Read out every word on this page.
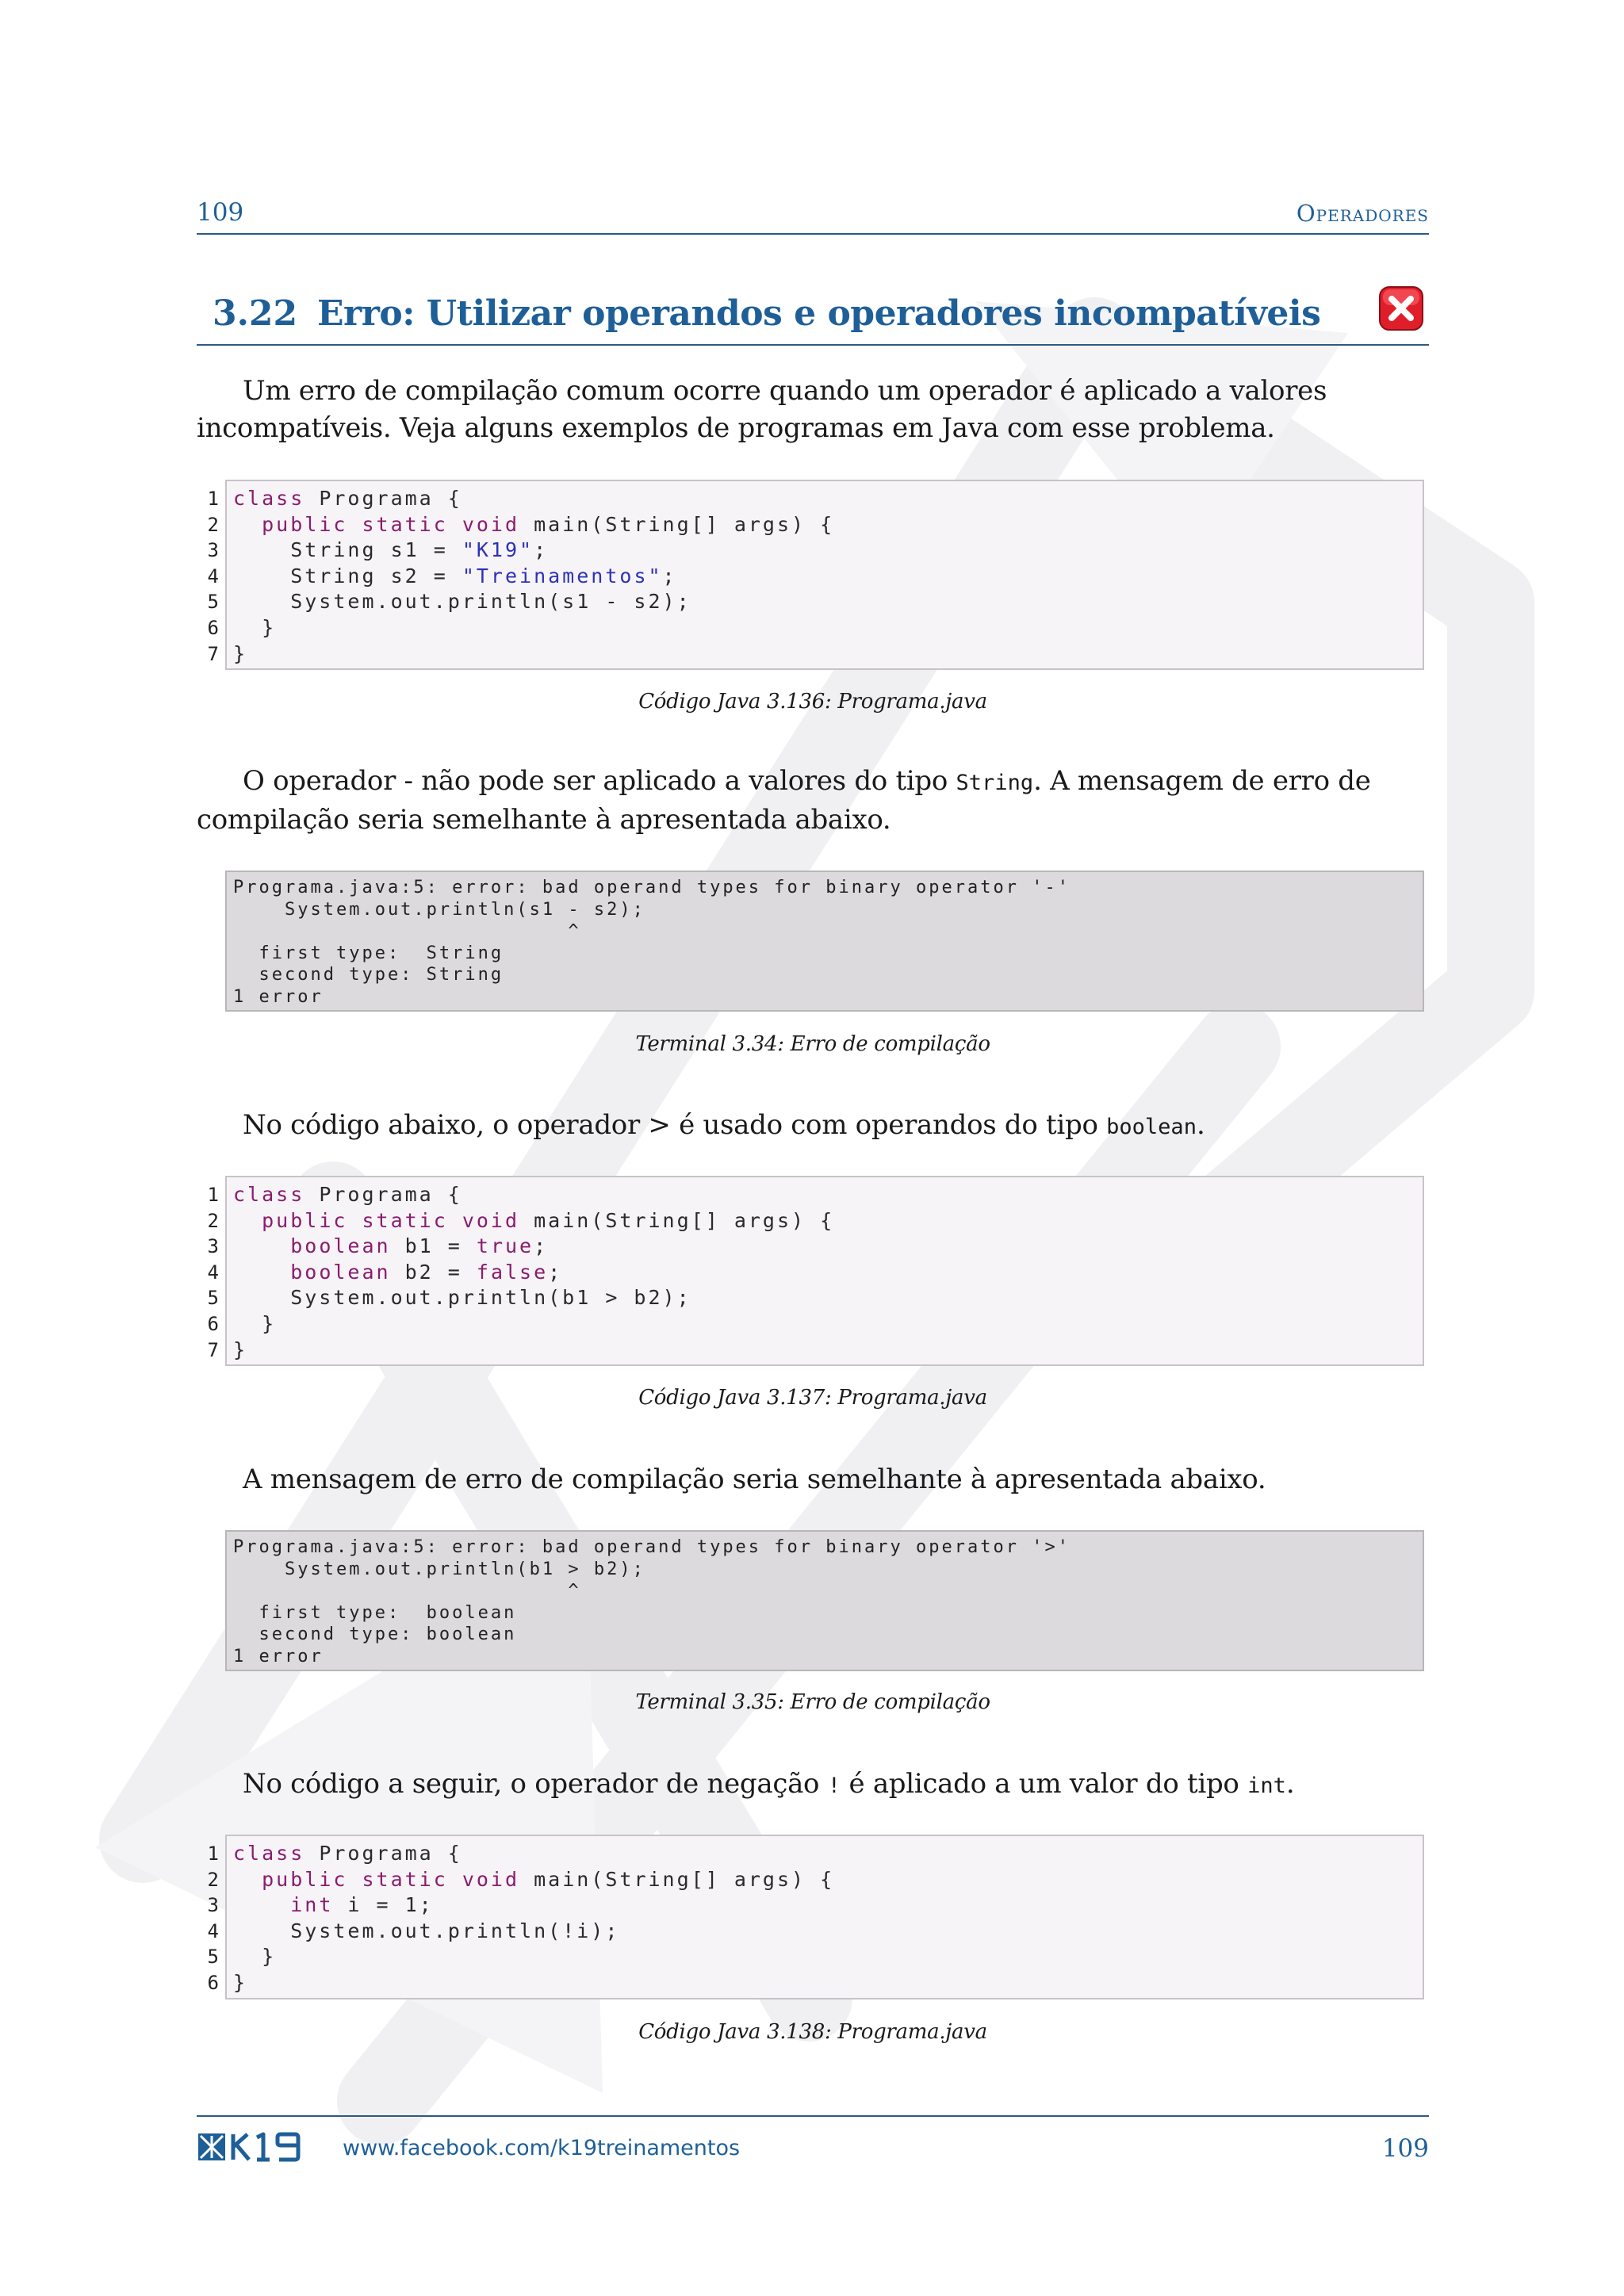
109	Operadores
3.22 Erro: Utilizar operandos e operadores incompatíveis
Um erro de compilação comum ocorre quando um operador é aplicado a valores incompatíveis. Veja alguns exemplos de programas em Java com esse problema.
1
2
3
4
5
6
7
class Programa {
public static void main(String[] args) {
String s1 = "K19";
String s2 = "Treinamentos";
System.out.println(s1 - s2);
}
}
Código Java 3.136: Programa.java
O operador - não pode ser aplicado a valores do tipo String. A mensagem de erro de compilação seria semelhante à apresentada abaixo.
Programa.java:5: error: bad operand types for binary operator '-'
System.out.println(s1 - s2);
^
first type:  String
second type: String
1 error
Terminal 3.34: Erro de compilação
No código abaixo, o operador > é usado com operandos do tipo boolean.
1
2
3
4
5
6
7
class Programa {
public static void main(String[] args) {
boolean b1 = true;
boolean b2 = false;
System.out.println(b1 > b2);
}
}
Código Java 3.137: Programa.java
A mensagem de erro de compilação seria semelhante à apresentada abaixo.
Programa.java:5: error: bad operand types for binary operator '>'
System.out.println(b1 > b2);
^
first type:  boolean
second type: boolean
1 error
Terminal 3.35: Erro de compilação
No código a seguir, o operador de negação ! é aplicado a um valor do tipo int.
1
2
3
4
5
6
class Programa {
public static void main(String[] args) {
int i = 1;
System.out.println(!i);
}
}
Código Java 3.138: Programa.java
www.facebook.com/k19treinamentos	109
